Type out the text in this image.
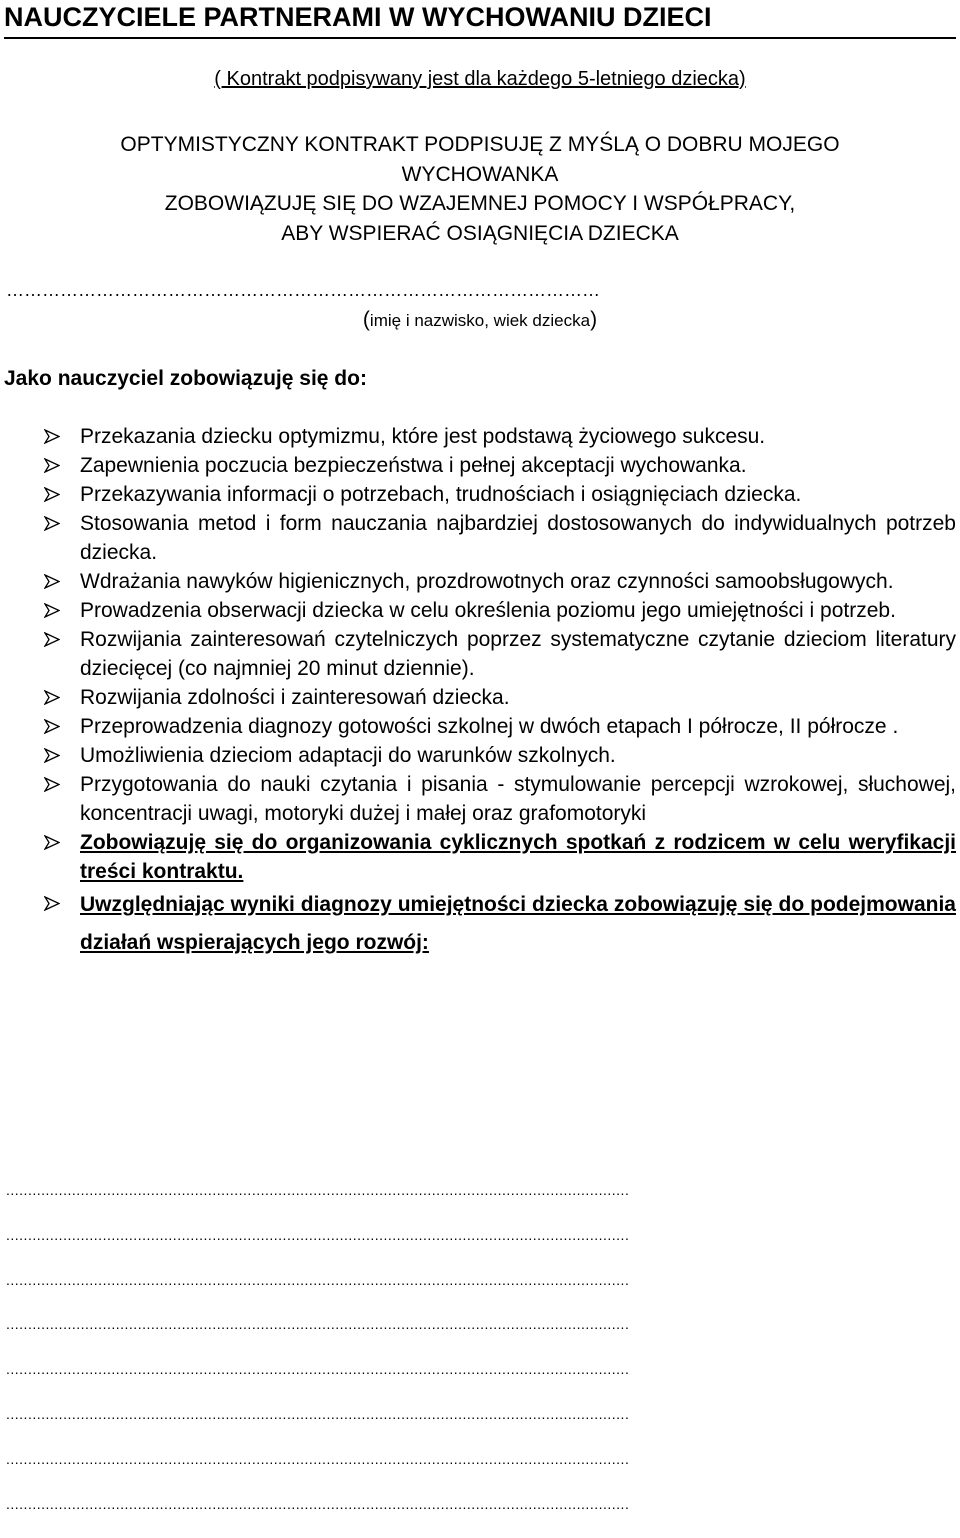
NAUCZYCIELE PARTNERAMI W WYCHOWANIU DZIECI
( Kontrakt podpisywany jest dla każdego 5-letniego dziecka)
OPTYMISTYCZNY KONTRAKT PODPISUJĘ Z MYŚLĄ O DOBRU MOJEGO
WYCHOWANKA
ZOBOWIĄZUJĘ SIĘ DO WZAJEMNEJ POMOCY I WSPÓŁPRACY,
ABY WSPIERAĆ OSIĄGNIĘCIA DZIECKA
………………………………………………………………………………………
(imię i nazwisko, wiek dziecka)
Jako nauczyciel zobowiązuję się do:
Przekazania dziecku optymizmu, które jest podstawą życiowego sukcesu.
Zapewnienia poczucia bezpieczeństwa i pełnej akceptacji wychowanka.
Przekazywania informacji o potrzebach, trudnościach i osiągnięciach dziecka.
Stosowania metod i form nauczania najbardziej dostosowanych do indywidualnych potrzeb dziecka.
Wdrażania nawyków higienicznych, prozdrowotnych oraz czynności samoobsługowych.
Prowadzenia obserwacji dziecka w celu określenia poziomu jego umiejętności i potrzeb.
Rozwijania zainteresowań czytelniczych poprzez systematyczne czytanie dzieciom literatury dziecięcej (co najmniej 20 minut dziennie).
Rozwijania zdolności i zainteresowań dziecka.
Przeprowadzenia diagnozy gotowości szkolnej w dwóch etapach I półrocze, II półrocze .
Umożliwienia dzieciom adaptacji do warunków szkolnych.
Przygotowania do nauki czytania i pisania - stymulowanie percepcji wzrokowej, słuchowej, koncentracji uwagi, motoryki dużej i małej oraz grafomotoryki
Zobowiązuję się do organizowania cyklicznych spotkań z rodzicem w celu weryfikacji treści kontraktu.
Uwzględniając wyniki diagnozy umiejętności dziecka zobowiązuję się do podejmowania działań wspierających jego rozwój:
..............................................................................................................................................
..............................................................................................................................................
..............................................................................................................................................
..............................................................................................................................................
..............................................................................................................................................
..............................................................................................................................................
..............................................................................................................................................
..............................................................................................................................................
